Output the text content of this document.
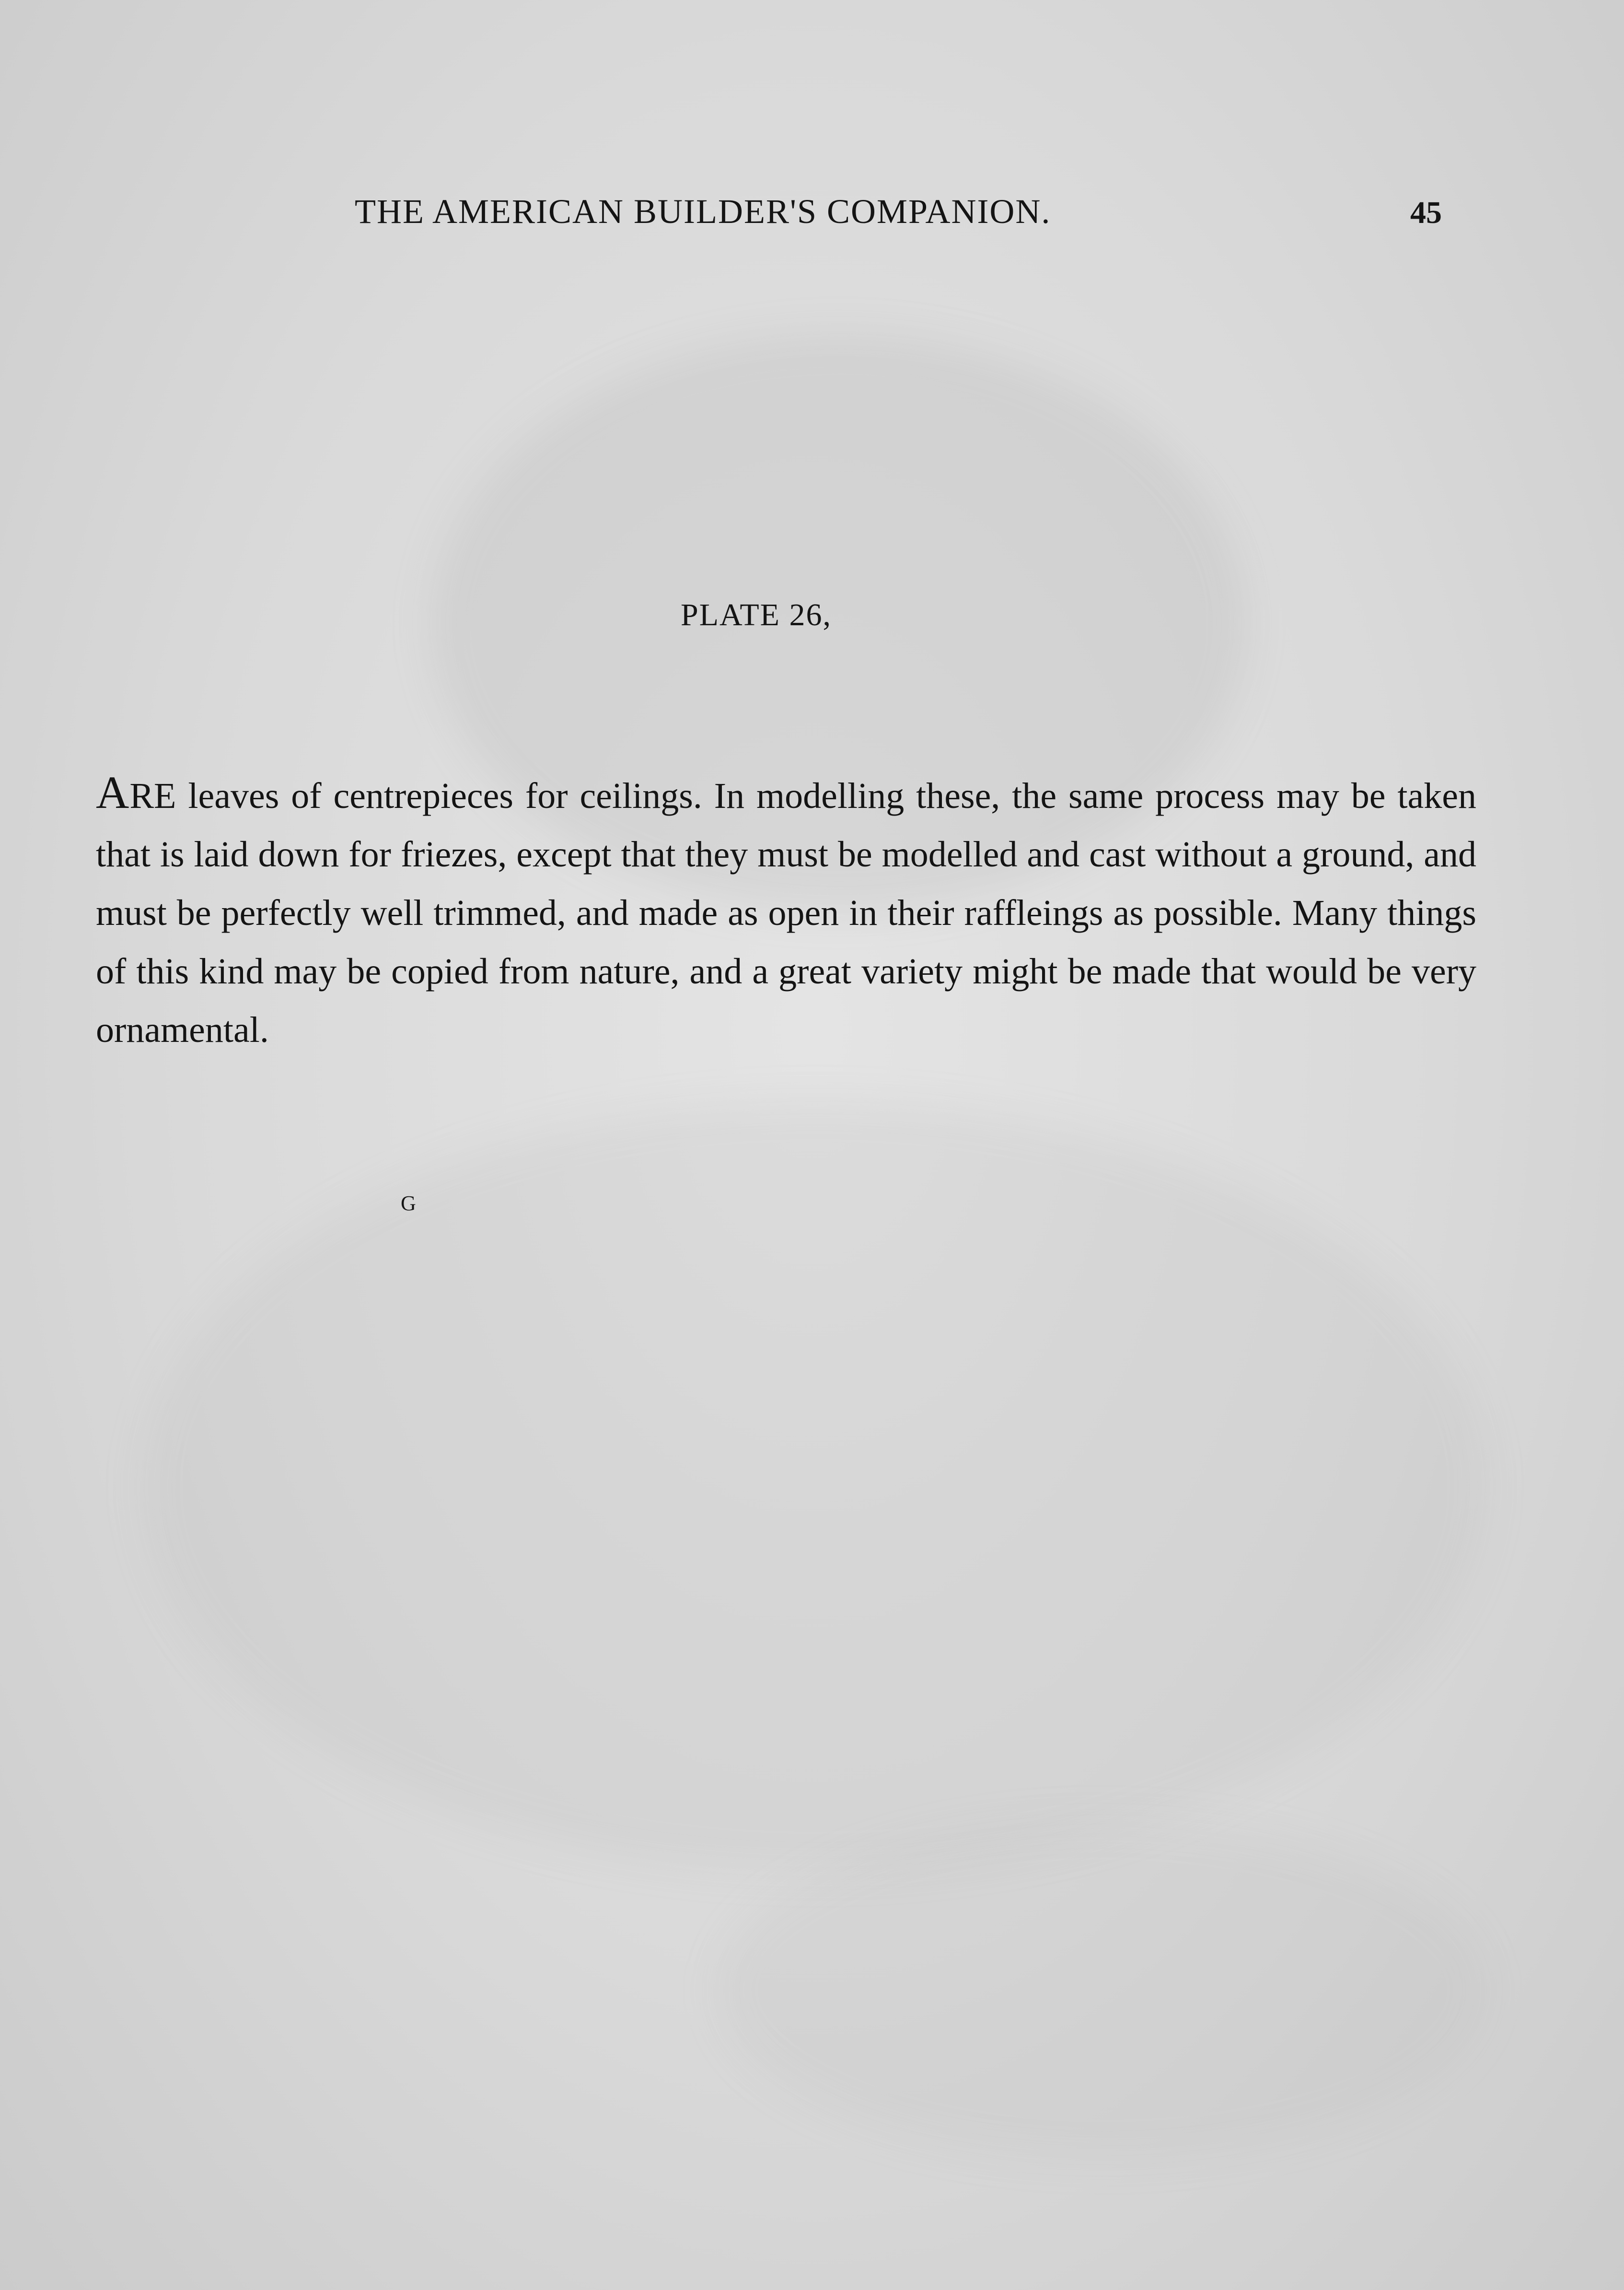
THE AMERICAN BUILDER'S COMPANION.	45
PLATE 26,

ARE leaves of centrepieces for ceilings. In modelling these, the same process may be taken that is laid down for friezes, except that they must be modelled and cast without a ground, and must be perfectly well trimmed, and made as open in their raffleings as possible. Many things of this kind may be copied from nature, and a great variety might be made that would be very ornamental.

G
